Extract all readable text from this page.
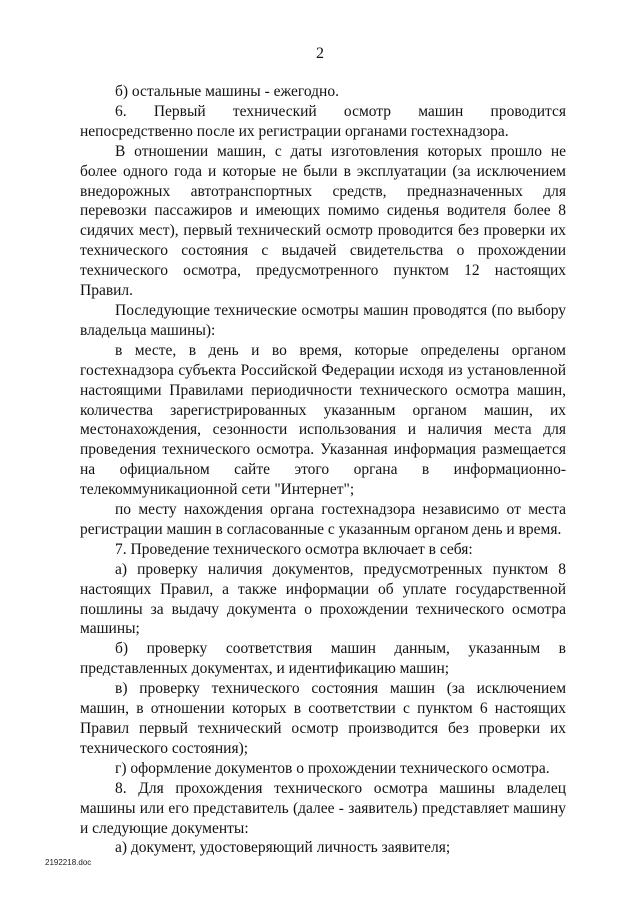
2

б) остальные машины - ежегодно.

6. Первый технический осмотр машин проводится непосредственно после их регистрации органами гостехнадзора.

В отношении машин, с даты изготовления которых прошло не более одного года и которые не были в эксплуатации (за исключением внедорожных автотранспортных средств, предназначенных для перевозки пассажиров и имеющих помимо сиденья водителя более 8 сидячих мест), первый технический осмотр проводится без проверки их технического состояния с выдачей свидетельства о прохождении технического осмотра, предусмотренного пунктом 12 настоящих Правил.

Последующие технические осмотры машин проводятся (по выбору владельца машины):

в месте, в день и во время, которые определены органом гостехнадзора субъекта Российской Федерации исходя из установленной настоящими Правилами периодичности технического осмотра машин, количества зарегистрированных указанным органом машин, их местонахождения, сезонности использования и наличия места для проведения технического осмотра. Указанная информация размещается на официальном сайте этого органа в информационно-телекоммуникационной сети "Интернет";

по месту нахождения органа гостехнадзора независимо от места регистрации машин в согласованные с указанным органом день и время.

7. Проведение технического осмотра включает в себя:

а) проверку наличия документов, предусмотренных пунктом 8 настоящих Правил, а также информации об уплате государственной пошлины за выдачу документа о прохождении технического осмотра машины;

б) проверку соответствия машин данным, указанным в представленных документах, и идентификацию машин;

в) проверку технического состояния машин (за исключением машин, в отношении которых в соответствии с пунктом 6 настоящих Правил первый технический осмотр производится без проверки их технического состояния);

г) оформление документов о прохождении технического осмотра.

8. Для прохождения технического осмотра машины владелец машины или его представитель (далее - заявитель) представляет машину и следующие документы:

а) документ, удостоверяющий личность заявителя;

2192218.doc
